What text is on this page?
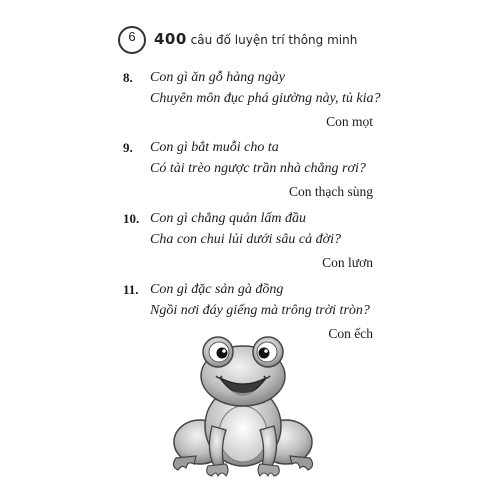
6	400 câu đố luyện trí thông minh
8. Con gì ăn gỗ hàng ngày
Chuyên môn đục phá giường này, tủ kia?
Con mọt
9. Con gì bắt muỗi cho ta
Có tài trèo ngược trần nhà chẳng rơi?
Con thạch sùng
10. Con gì chẳng quản lấm đầu
Cha con chui lủi dưới sâu cả đời?
Con lươn
11. Con gì đặc sản gà đồng
Ngồi nơi đáy giếng mà trông trời tròn?
Con ếch
